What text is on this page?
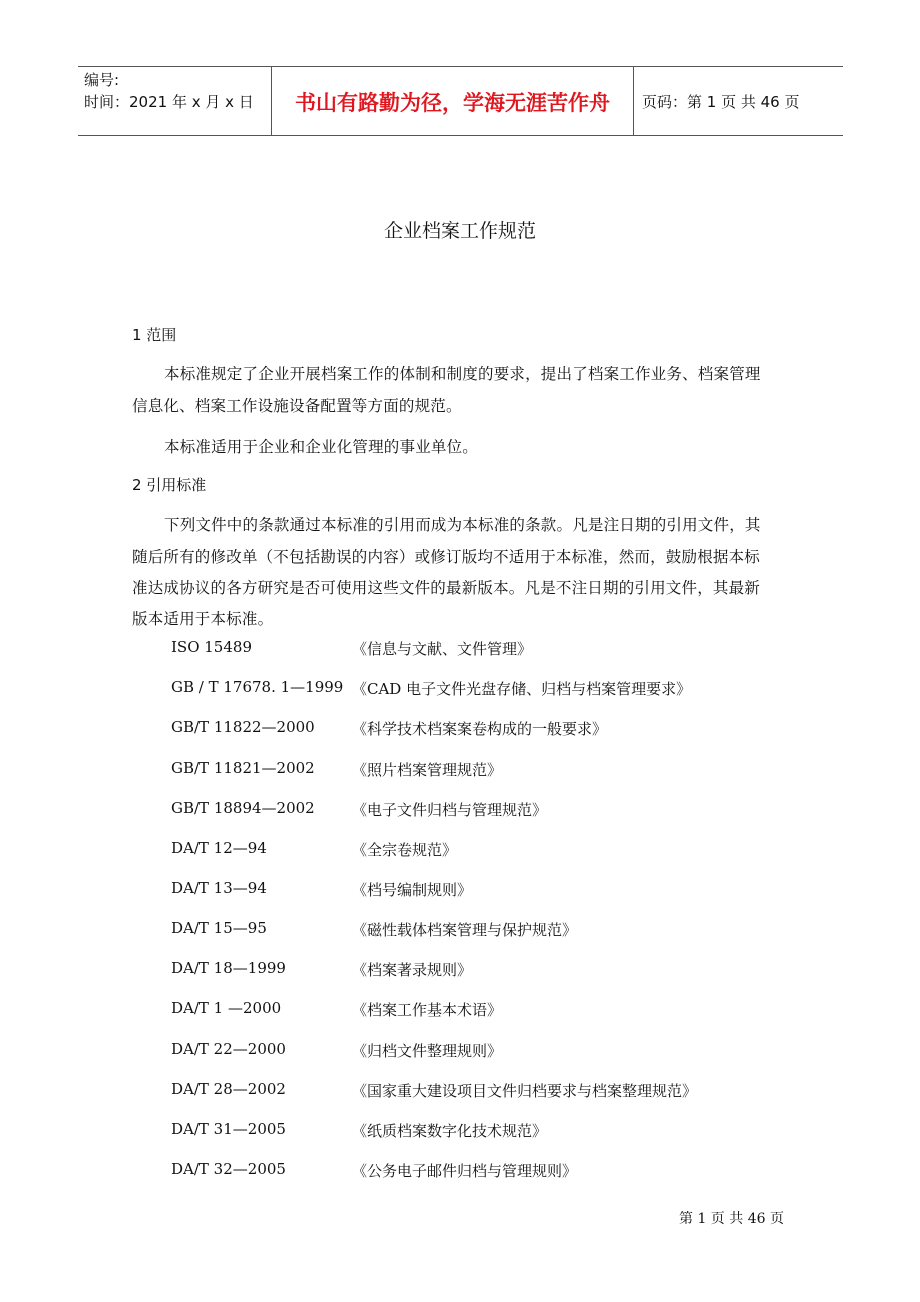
编号:
时间：2021 年 x 月 x 日	书山有路勤为径，学海无涯苦作舟	页码：第 1 页 共 46 页
企业档案工作规范
1 范围
本标准规定了企业开展档案工作的体制和制度的要求，提出了档案工作业务、档案管理
信息化、档案工作设施设备配置等方面的规范。
本标准适用于企业和企业化管理的事业单位。
2 引用标准
下列文件中的条款通过本标准的引用而成为本标准的条款。凡是注日期的引用文件，其
随后所有的修改单（不包括勘误的内容）或修订版均不适用于本标准，然而，鼓励根据本标
准达成协议的各方研究是否可使用这些文件的最新版本。凡是不注日期的引用文件，其最新
版本适用于本标准。
ISO 15489	《信息与文献、文件管理》
GB / T 17678. 1—1999 《CAD 电子文件光盘存储、归档与档案管理要求》
GB/T 11822—2000 《科学技术档案案卷构成的一般要求》
GB/T 11821—2002 《照片档案管理规范》
GB/T 18894—2002 《电子文件归档与管理规范》
DA/T 12—94	《全宗卷规范》
DA/T 13—94	《档号编制规则》
DA/T 15—95	《磁性载体档案管理与保护规范》
DA/T 18—1999	《档案著录规则》
DA/T 1 —2000	《档案工作基本术语》
DA/T 22—2000	《归档文件整理规则》
DA/T 28—2002	《国家重大建设项目文件归档要求与档案整理规范》
DA/T 31—2005	《纸质档案数字化技术规范》
DA/T 32—2005	《公务电子邮件归档与管理规则》
第 1 页 共 46 页
